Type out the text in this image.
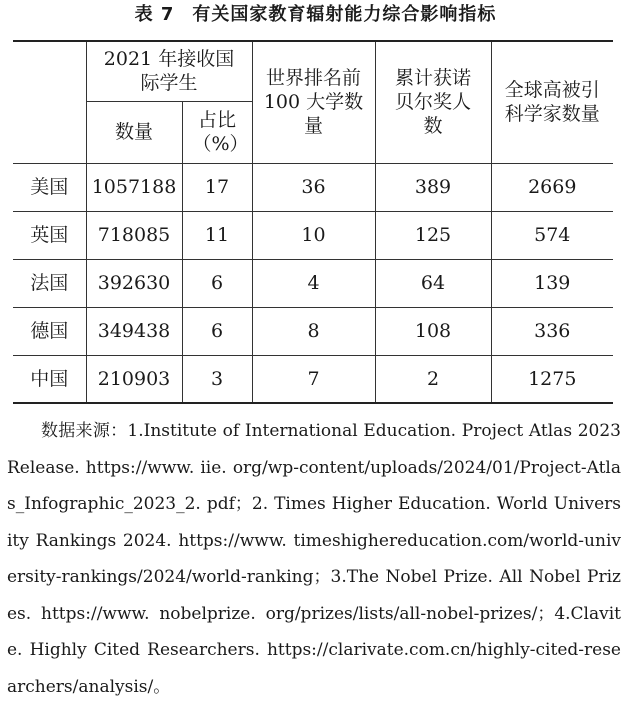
表 7 有关国家教育辐射能力综合影响指标
	2021 年接收国际学生		世界排名前 100 大学数量	累计获诺贝尔奖人数	全球高被引科学家数量
	数量	占比（%）			
美国	1057188	17	36	389	2669
英国	718085	11	10	125	574
法国	392630	6	4	64	139
德国	349438	6	8	108	336
中国	210903	3	7	2	1275
数据来源：1.Institute of International Education. Project Atlas 2023 Release. https://www. iie. org/wp-content/uploads/2024/01/Project-Atlas_Infographic_2023_2. pdf；2. Times Higher Education. World University Rankings 2024. https://www. timeshighereducation.com/world-university-rankings/2024/world-ranking；3.The Nobel Prize. All Nobel Prizes. https://www. nobelprize. org/prizes/lists/all-nobel-prizes/；4.Clavite. Highly Cited Researchers. https://clarivate.com.cn/highly-cited-researchers/analysis/。
